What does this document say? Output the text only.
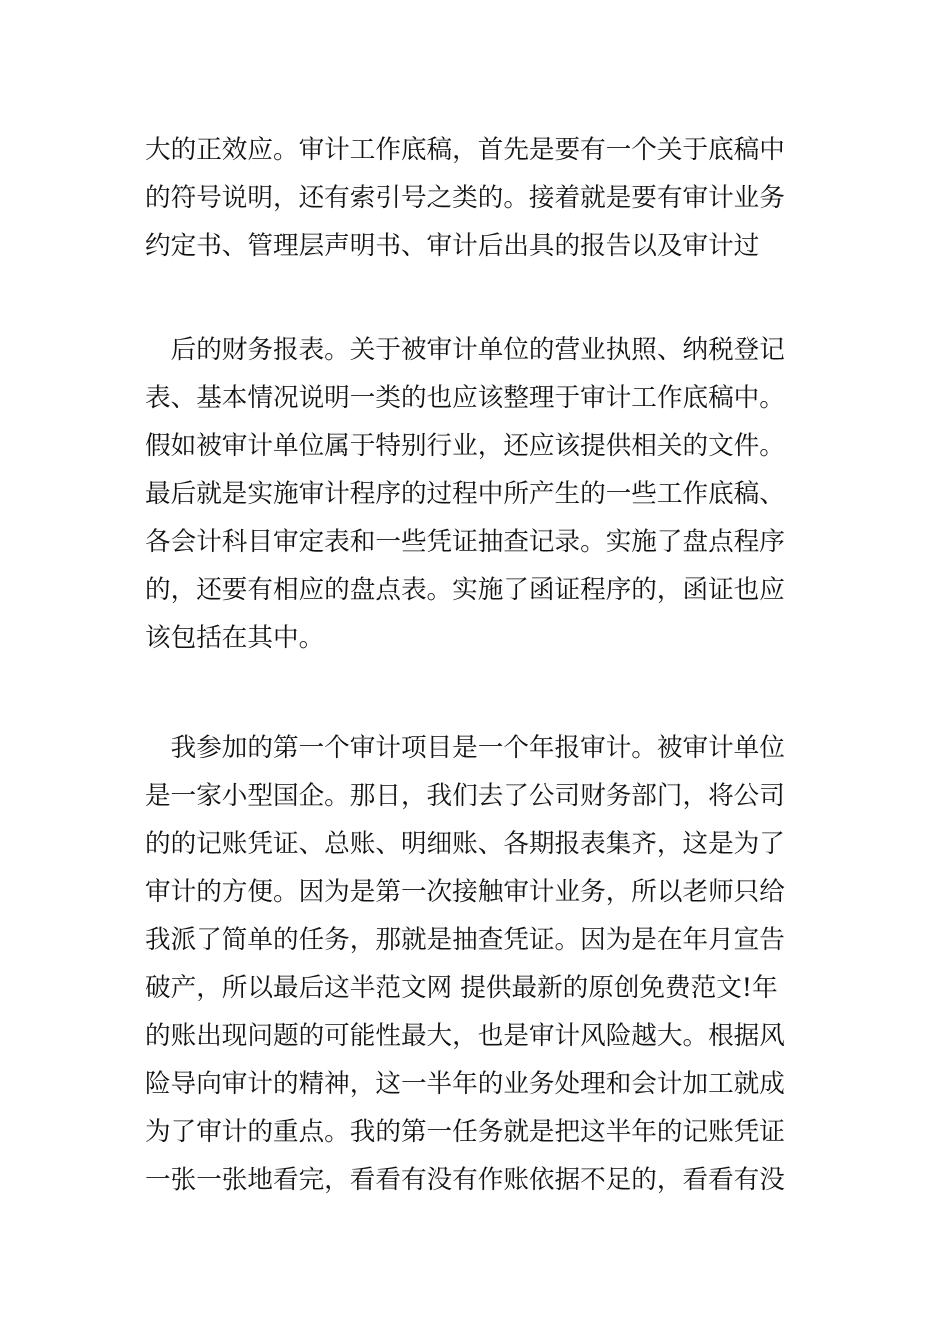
大的正效应。审计工作底稿，首先是要有一个关于底稿中
的符号说明，还有索引号之类的。接着就是要有审计业务
约定书、管理层声明书、审计后出具的报告以及审计过

　后的财务报表。关于被审计单位的营业执照、纳税登记
表、基本情况说明一类的也应该整理于审计工作底稿中。
假如被审计单位属于特别行业，还应该提供相关的文件。
最后就是实施审计程序的过程中所产生的一些工作底稿、
各会计科目审定表和一些凭证抽查记录。实施了盘点程序
的，还要有相应的盘点表。实施了函证程序的，函证也应
该包括在其中。

　我参加的第一个审计项目是一个年报审计。被审计单位
是一家小型国企。那日，我们去了公司财务部门，将公司
的的记账凭证、总账、明细账、各期报表集齐，这是为了
审计的方便。因为是第一次接触审计业务，所以老师只给
我派了简单的任务，那就是抽查凭证。因为是在年月宣告
破产，所以最后这半范文网 提供最新的原创免费范文!年
的账出现问题的可能性最大，也是审计风险越大。根据风
险导向审计的精神，这一半年的业务处理和会计加工就成
为了审计的重点。我的第一任务就是把这半年的记账凭证
一张一张地看完，看看有没有作账依据不足的，看看有没
